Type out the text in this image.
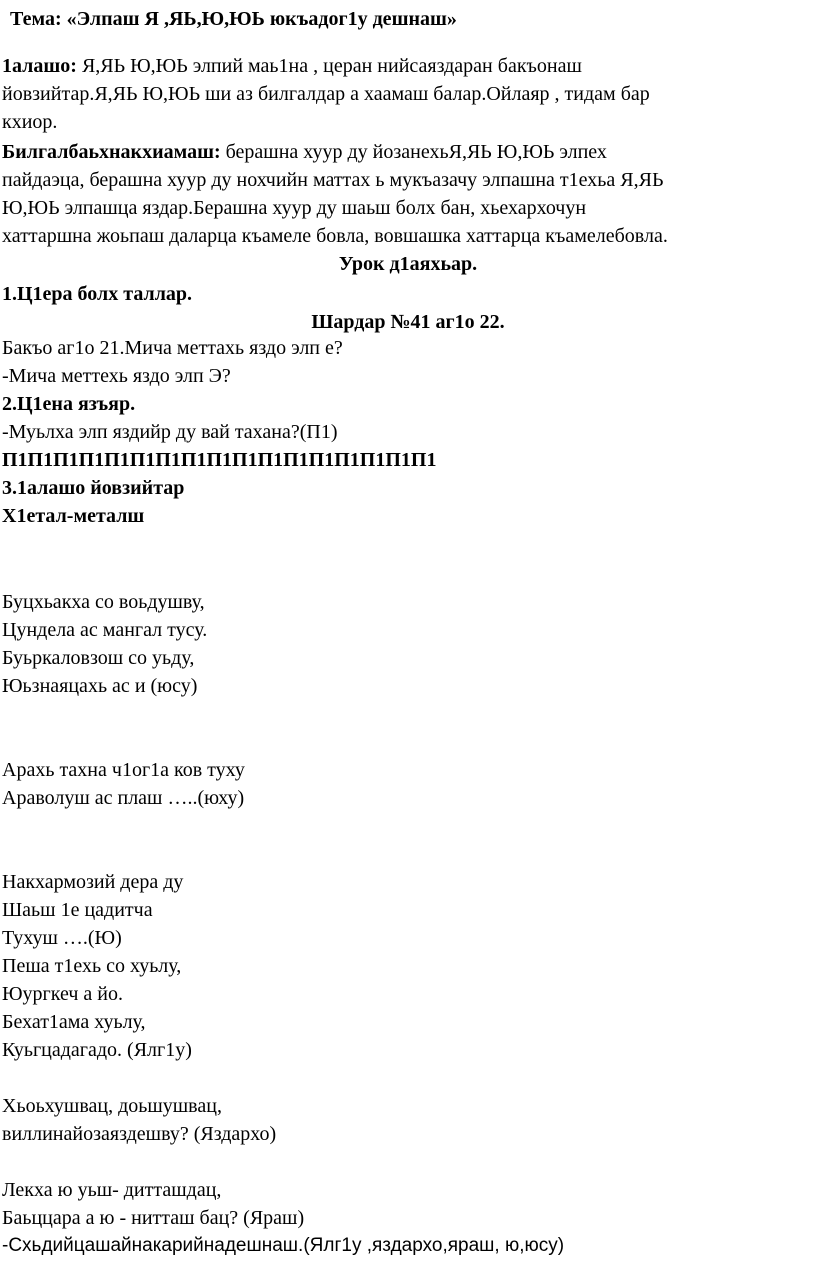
Тема: «Элпаш Я ,ЯЬ,Ю,ЮЬ юкъадог1у дешнаш»
1алашо: Я,ЯЬ Ю,ЮЬ элпий маь1на , церан нийсаяздаран бакъонаш
йовзийтар.Я,ЯЬ Ю,ЮЬ ши аз билгалдар а хаамаш балар.Ойлаяр , тидам бар
кхиор.
Билгалбаьхнакхиамаш: берашна хуур ду йозанехьЯ,ЯЬ Ю,ЮЬ элпех
пайдаэца, берашна хуур ду нохчийн маттах ь мукъазачу элпашна т1ехьа Я,ЯЬ
Ю,ЮЬ элпашца яздар.Берашна хуур ду шаьш болх бан, хьехархочун
хаттаршна жоьпаш даларца къамеле бовла, вовшашка хаттарца къамелебовла.
Урок д1аяхьар.
1.Ц1ера болх таллар.
Шардар №41 аг1о 22.
Бакъо аг1о 21.Мича меттахь яздо элп е?
-Мича меттехь яздо элп Э?
2.Ц1ена язъяр.
-Муьлха элп яздийр ду вай тахана?(П1)
П1П1П1П1П1П1П1П1П1П1П1П1П1П1П1П1П1
3.1алашо йовзийтар
Х1етал-металш
Буцхьакха со воьдушву,
Цундела ас мангал тусу.
Буьркаловзош со уьду,
Юьзнаяцахь ас и (юсу)
Арахь тахна ч1ог1а ков туху
Араволуш ас плаш …..(юху)
Накхармозий дера ду
Шаьш 1е цадитча
Тухуш ….(Ю)
Пеша т1ехь со хуьлу,
Юургкеч а йо.
Бехат1ама хуьлу,
Куьгцадагадо. (Ялг1у)
Хьоьхушвац, доьшушвац,
виллинайозаяздешву? (Яздархо)
Лекха ю уьш- дитташдац,
Баьццара а ю - нитташ бац? (Яраш)
-Схьдийцашайнакарийнадешнаш.(Ялг1у ,яздархо,яраш, ю,юсу)
